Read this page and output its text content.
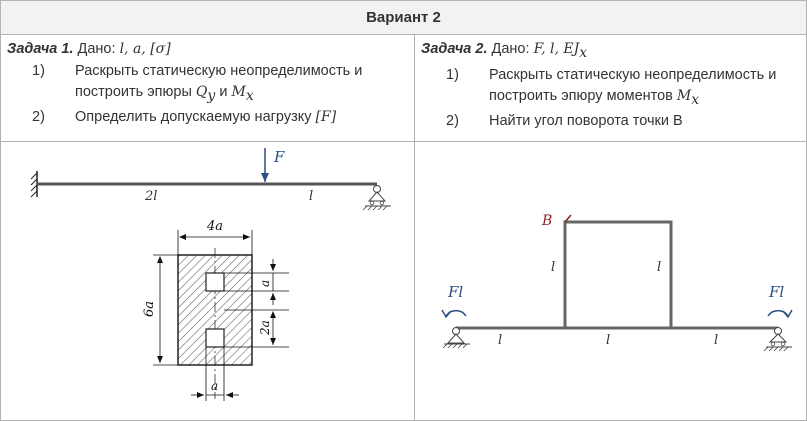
Вариант 2
Задача 1. Дано: l, a, [σ]
1) Раскрыть статическую неопределимость и построить эпюры $Q_y$ и $M_x$
2) Определить допускаемую нагрузку [F]
Задача 2. Дано: F, l, $EJ_x$
1) Раскрыть статическую неопределимость и построить эпюру моментов $M_x$
2) Найти угол поворота точки B
F
2l	l
4a
6a
a
2a
a
B
l	l
l	l	l
Fl	Fl
